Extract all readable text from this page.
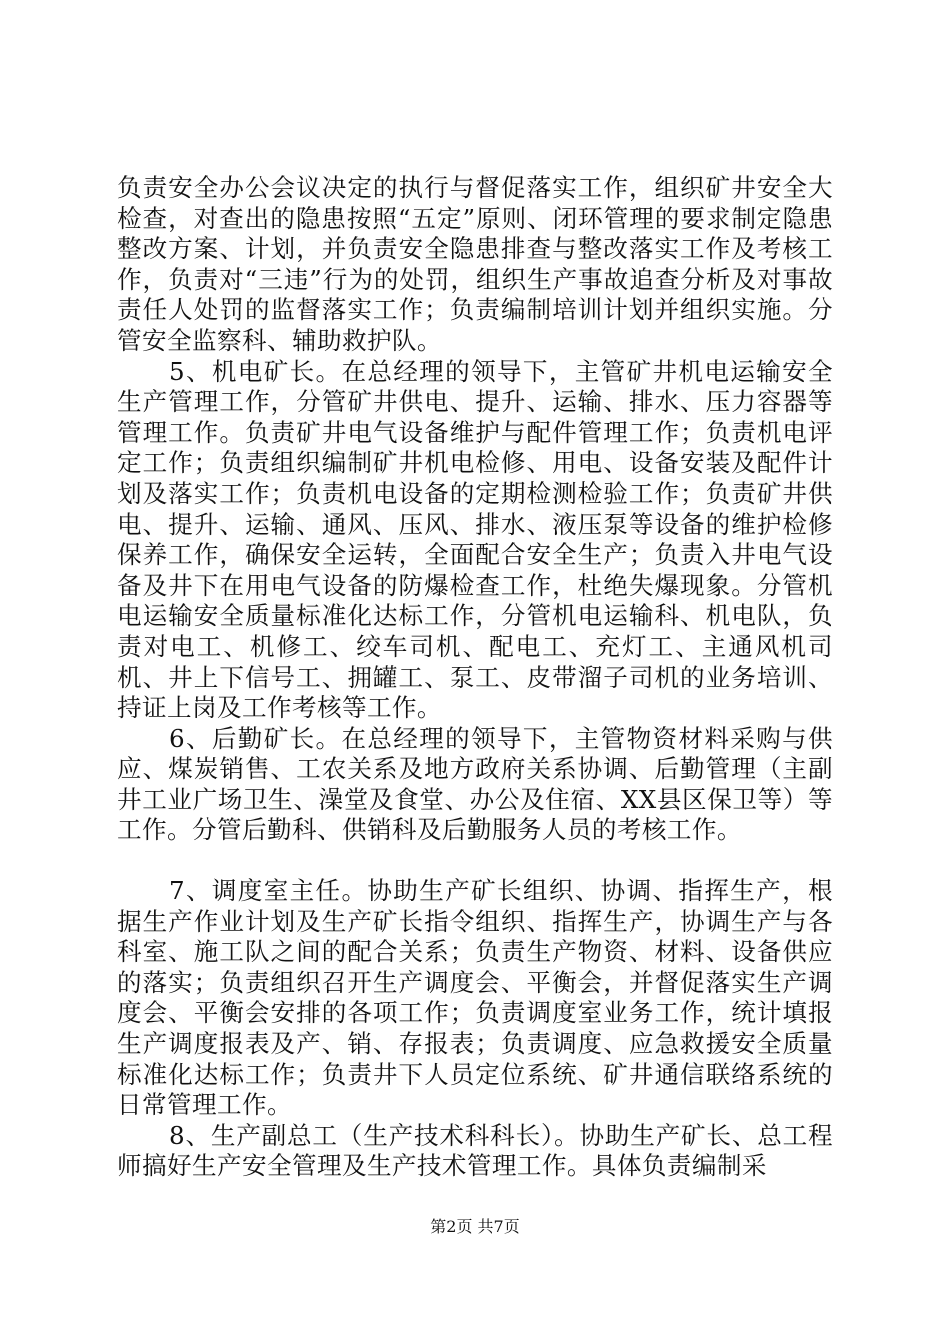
负责安全办公会议决定的执行与督促落实工作，组织矿井安全大检查，对查出的隐患按照“五定”原则、闭环管理的要求制定隐患整改方案、计划，并负责安全隐患排查与整改落实工作及考核工作，负责对“三违”行为的处罚，组织生产事故追查分析及对事故责任人处罚的监督落实工作；负责编制培训计划并组织实施。分管安全监察科、辅助救护队。

5、机电矿长。在总经理的领导下，主管矿井机电运输安全生产管理工作，分管矿井供电、提升、运输、排水、压力容器等管理工作。负责矿井电气设备维护与配件管理工作；负责机电评定工作；负责组织编制矿井机电检修、用电、设备安装及配件计划及落实工作；负责机电设备的定期检测检验工作；负责矿井供电、提升、运输、通风、压风、排水、液压泵等设备的维护检修保养工作，确保安全运转，全面配合安全生产；负责入井电气设备及井下在用电气设备的防爆检查工作，杜绝失爆现象。分管机电运输安全质量标准化达标工作，分管机电运输科、机电队，负责对电工、机修工、绞车司机、配电工、充灯工、主通风机司机、井上下信号工、拥罐工、泵工、皮带溜子司机的业务培训、持证上岗及工作考核等工作。

6、后勤矿长。在总经理的领导下，主管物资材料采购与供应、煤炭销售、工农关系及地方政府关系协调、后勤管理（主副井工业广场卫生、澡堂及食堂、办公及住宿、XX县区保卫等）等工作。分管后勤科、供销科及后勤服务人员的考核工作。

7、调度室主任。协助生产矿长组织、协调、指挥生产，根据生产作业计划及生产矿长指令组织、指挥生产，协调生产与各科室、施工队之间的配合关系；负责生产物资、材料、设备供应的落实；负责组织召开生产调度会、平衡会，并督促落实生产调度会、平衡会安排的各项工作；负责调度室业务工作，统计填报生产调度报表及产、销、存报表；负责调度、应急救援安全质量标准化达标工作；负责井下人员定位系统、矿井通信联络系统的日常管理工作。

8、生产副总工（生产技术科科长）。协助生产矿长、总工程师搞好生产安全管理及生产技术管理工作。具体负责编制采

第2页 共7页
